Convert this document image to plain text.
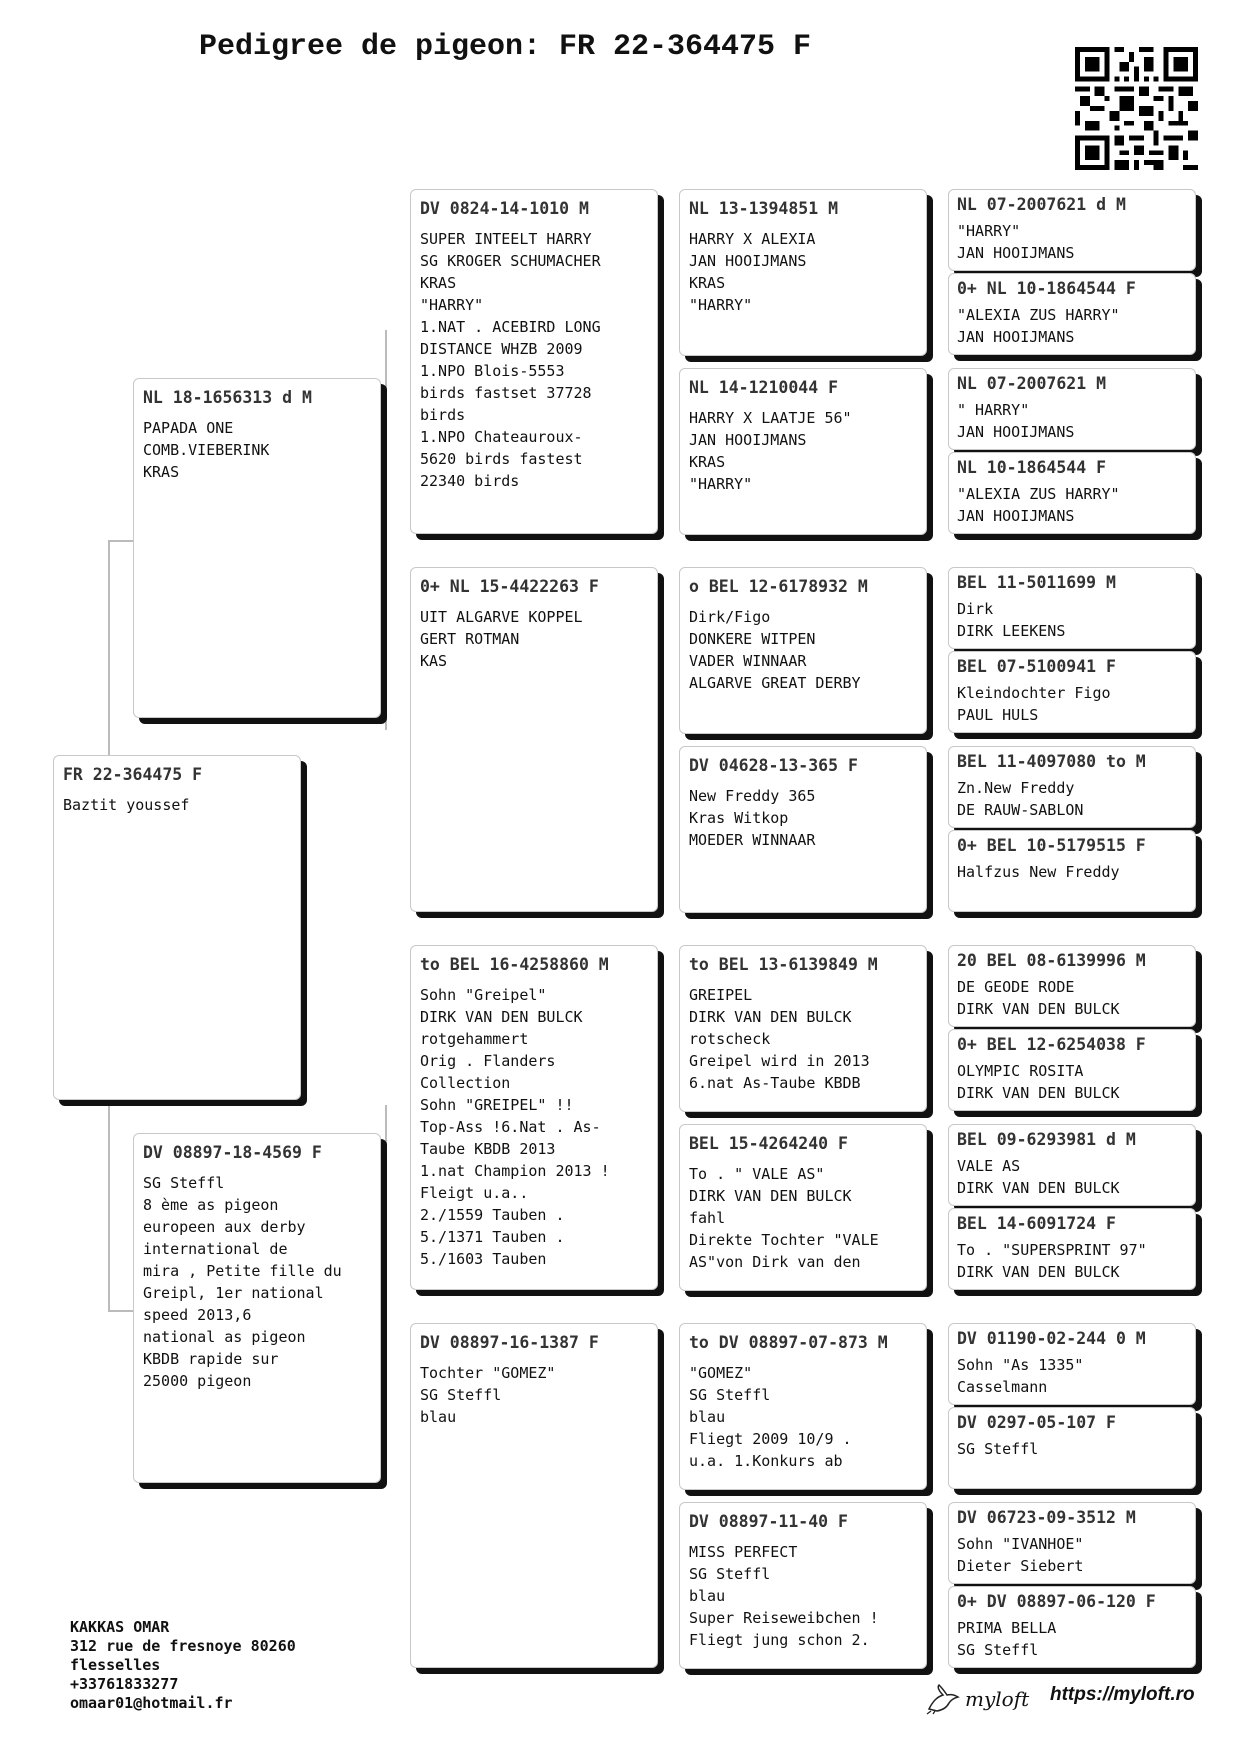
Pedigree de pigeon: FR 22-364475 F
FR 22-364475 F
Baztit youssef
NL 18-1656313 d M
PAPADA ONE
COMB.VIEBERINK
KRAS
DV 08897-18-4569 F
SG Steffl
8 ème as pigeon
europeen aux derby
international de
mira , Petite fille du
Greipl, 1er national
speed 2013,6
national as pigeon
KBDB rapide sur
25000 pigeon
DV 0824-14-1010 M
SUPER INTEELT HARRY
SG KROGER SCHUMACHER
KRAS
"HARRY"
1.NAT . ACEBIRD LONG
DISTANCE WHZB 2009
1.NPO Blois-5553
birds fastset 37728
birds
1.NPO Chateauroux-
5620 birds fastest
22340 birds
0+ NL 15-4422263 F
UIT ALGARVE KOPPEL
GERT ROTMAN
KAS
to BEL 16-4258860 M
Sohn "Greipel"
DIRK VAN DEN BULCK
rotgehammert
Orig . Flanders
Collection
Sohn "GREIPEL" !!
Top-Ass !6.Nat . As-
Taube KBDB 2013
1.nat Champion 2013 !
Fleigt u.a..
2./1559 Tauben .
5./1371 Tauben .
5./1603 Tauben
DV 08897-16-1387 F
Tochter "GOMEZ"
SG Steffl
blau
NL 13-1394851 M
HARRY X ALEXIA
JAN HOOIJMANS
KRAS
"HARRY"
NL 14-1210044 F
HARRY X LAATJE 56"
JAN HOOIJMANS
KRAS
"HARRY"
o BEL 12-6178932 M
Dirk/Figo
DONKERE WITPEN
VADER WINNAAR
ALGARVE GREAT DERBY
DV 04628-13-365 F
New Freddy 365
Kras Witkop
MOEDER WINNAAR
to BEL 13-6139849 M
GREIPEL
DIRK VAN DEN BULCK
rotscheck
Greipel wird in 2013
6.nat As-Taube KBDB
BEL 15-4264240 F
To . " VALE AS"
DIRK VAN DEN BULCK
fahl
Direkte Tochter "VALE
AS"von Dirk van den
to DV 08897-07-873 M
"GOMEZ"
SG Steffl
blau
Fliegt 2009 10/9 .
u.a. 1.Konkurs ab
DV 08897-11-40 F
MISS PERFECT
SG Steffl
blau
Super Reiseweibchen !
Fliegt jung schon 2.
NL 07-2007621 d M
"HARRY"
JAN HOOIJMANS
0+ NL 10-1864544 F
"ALEXIA ZUS HARRY"
JAN HOOIJMANS
NL 07-2007621 M
" HARRY"
JAN HOOIJMANS
NL 10-1864544 F
"ALEXIA ZUS HARRY"
JAN HOOIJMANS
BEL 11-5011699 M
Dirk
DIRK LEEKENS
BEL 07-5100941 F
Kleindochter Figo
PAUL HULS
BEL 11-4097080 to M
Zn.New Freddy
DE RAUW-SABLON
0+ BEL 10-5179515 F
Halfzus New Freddy
20 BEL 08-6139996 M
DE GEODE RODE
DIRK VAN DEN BULCK
0+ BEL 12-6254038 F
OLYMPIC ROSITA
DIRK VAN DEN BULCK
BEL 09-6293981 d M
VALE AS
DIRK VAN DEN BULCK
BEL 14-6091724 F
To . "SUPERSPRINT 97"
DIRK VAN DEN BULCK
DV 01190-02-244 0 M
Sohn "As 1335"
Casselmann
DV 0297-05-107 F
SG Steffl
DV 06723-09-3512 M
Sohn "IVANHOE"
Dieter Siebert
0+ DV 08897-06-120 F
PRIMA BELLA
SG Steffl
KAKKAS OMAR
312 rue de fresnoye 80260
flesselles
+33761833277
omaar01@hotmail.fr	myloft https://myloft.ro
